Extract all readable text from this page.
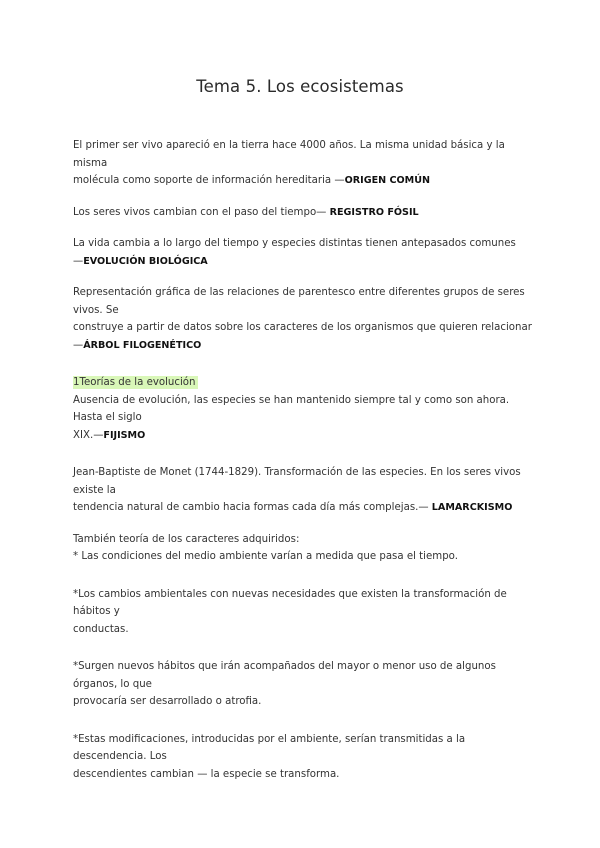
Tema 5. Los ecosistemas

El primer ser vivo apareció en la tierra hace 4000 años. La misma unidad básica y la misma
molécula como soporte de información hereditaria —ORIGEN COMÚN

Los seres vivos cambian con el paso del tiempo— REGISTRO FÓSIL

La vida cambia a lo largo del tiempo y especies distintas tienen antepasados comunes
—EVOLUCIÓN BIOLÓGICA

Representación gráfica de las relaciones de parentesco entre diferentes grupos de seres vivos. Se
construye a partir de datos sobre los caracteres de los organismos que quieren relacionar
—ÁRBOL FILOGENÉTICO

1Teorías de la evolución
Ausencia de evolución, las especies se han mantenido siempre tal y como son ahora. Hasta el siglo
XIX.—FIJISMO

Jean-Baptiste de Monet (1744-1829). Transformación de las especies. En los seres vivos existe la
tendencia natural de cambio hacia formas cada día más complejas.— LAMARCKISMO

También teoría de los caracteres adquiridos:
* Las condiciones del medio ambiente varían a medida que pasa el tiempo.

*Los cambios ambientales con nuevas necesidades que existen la transformación de hábitos y
conductas.

*Surgen nuevos hábitos que irán acompañados del mayor o menor uso de algunos órganos, lo que
provocaría ser desarrollado o atrofia.

*Estas modificaciones, introducidas por el ambiente, serían transmitidas a la descendencia. Los
descendientes cambian — la especie se transforma.
